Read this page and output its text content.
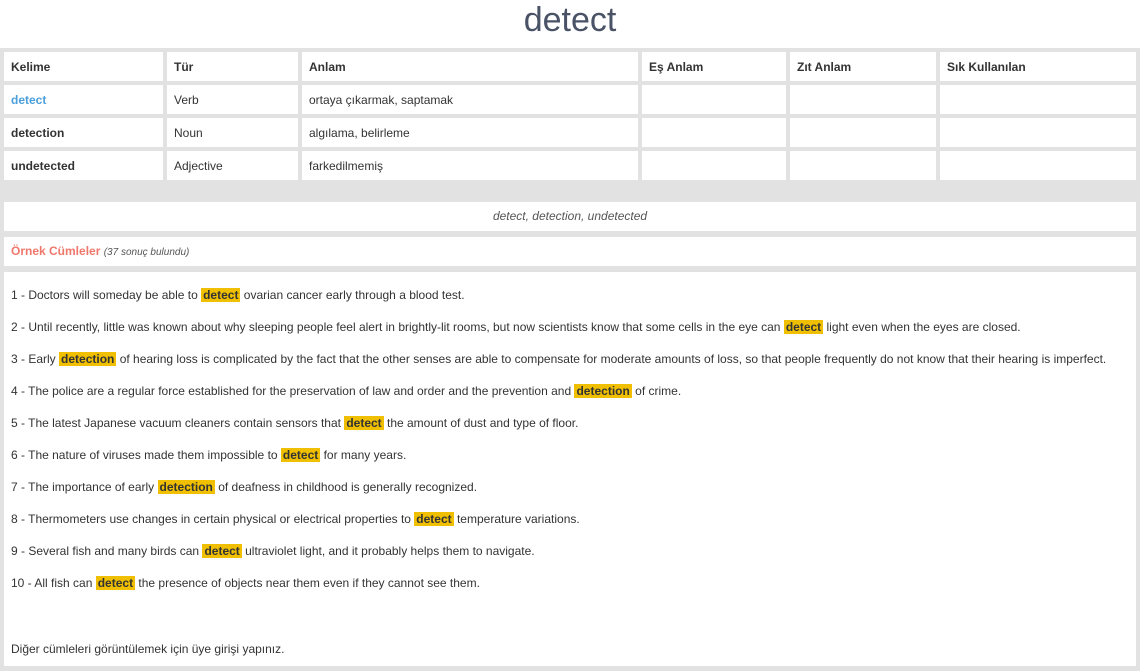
detect
Kelime	Tür	Anlam	Eş Anlam	Zıt Anlam	Sık Kullanılan
detect	Verb	ortaya çıkarmak, saptamak			
detection	Noun	algılama, belirleme			
undetected	Adjective	farkedilmemiş			
detect, detection, undetected
Örnek Cümleler (37 sonuç bulundu)
1 - Doctors will someday be able to detect ovarian cancer early through a blood test.
2 - Until recently, little was known about why sleeping people feel alert in brightly-lit rooms, but now scientists know that some cells in the eye can detect light even when the eyes are closed.
3 - Early detection of hearing loss is complicated by the fact that the other senses are able to compensate for moderate amounts of loss, so that people frequently do not know that their hearing is imperfect.
4 - The police are a regular force established for the preservation of law and order and the prevention and detection of crime.
5 - The latest Japanese vacuum cleaners contain sensors that detect the amount of dust and type of floor.
6 - The nature of viruses made them impossible to detect for many years.
7 - The importance of early detection of deafness in childhood is generally recognized.
8 - Thermometers use changes in certain physical or electrical properties to detect temperature variations.
9 - Several fish and many birds can detect ultraviolet light, and it probably helps them to navigate.
10 - All fish can detect the presence of objects near them even if they cannot see them.
Diğer cümleleri görüntülemek için üye girişi yapınız.
